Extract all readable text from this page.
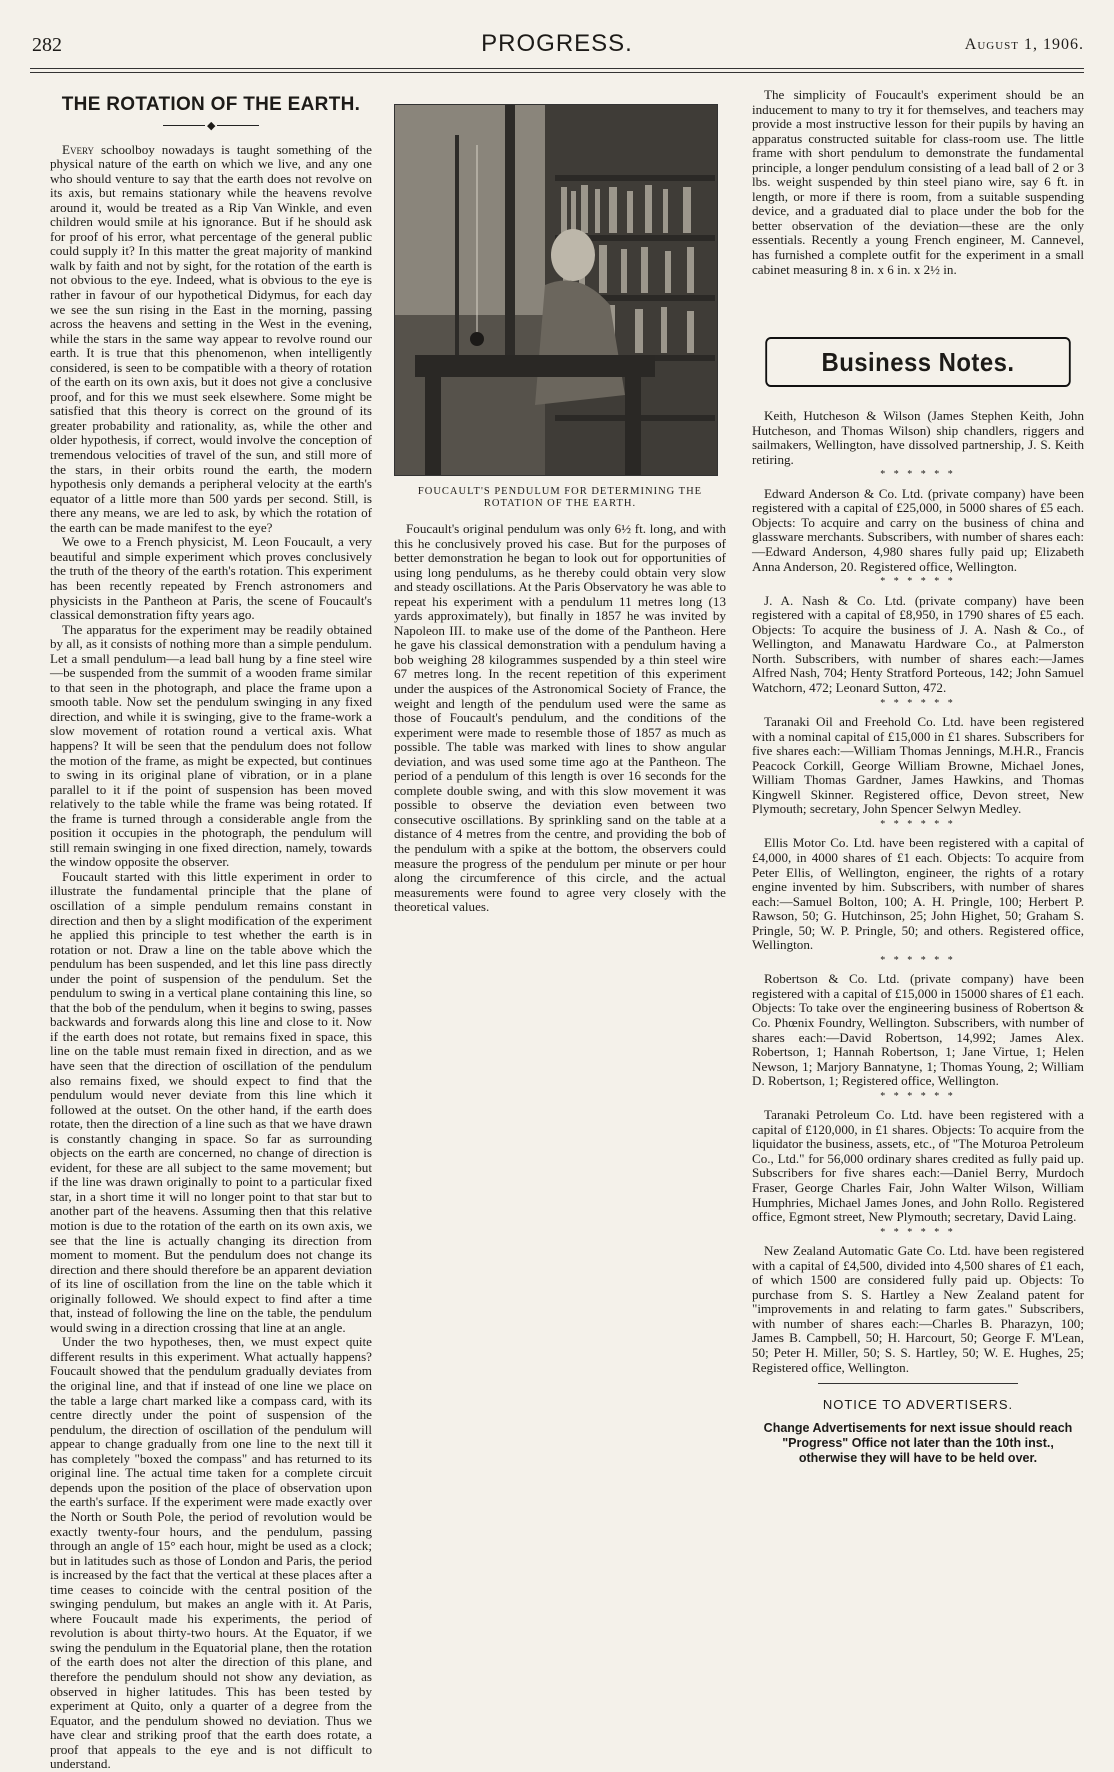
282	PROGRESS.	August 1, 1906.
THE ROTATION OF THE EARTH.
◆

Every schoolboy nowadays is taught something of the physical nature of the earth on which we live, and any one who should venture to say that the earth does not revolve on its axis, but remains stationary while the heavens revolve around it, would be treated as a Rip Van Winkle, and even children would smile at his ignorance. But if he should ask for proof of his error, what percentage of the general public could supply it? In this matter the great majority of mankind walk by faith and not by sight, for the rotation of the earth is not obvious to the eye. Indeed, what is obvious to the eye is rather in favour of our hypothetical Didymus, for each day we see the sun rising in the East in the morning, passing across the heavens and setting in the West in the evening, while the stars in the same way appear to revolve round our earth. It is true that this phenomenon, when intelligently considered, is seen to be compatible with a theory of rotation of the earth on its own axis, but it does not give a conclusive proof, and for this we must seek elsewhere. Some might be satisfied that this theory is correct on the ground of its greater probability and rationality, as, while the other and older hypothesis, if correct, would involve the conception of tremendous velocities of travel of the sun, and still more of the stars, in their orbits round the earth, the modern hypothesis only demands a peripheral velocity at the earth's equator of a little more than 500 yards per second. Still, is there any means, we are led to ask, by which the rotation of the earth can be made manifest to the eye?

We owe to a French physicist, M. Leon Foucault, a very beautiful and simple experiment which proves conclusively the truth of the theory of the earth's rotation. This experiment has been recently repeated by French astronomers and physicists in the Pantheon at Paris, the scene of Foucault's classical demonstration fifty years ago.

The apparatus for the experiment may be readily obtained by all, as it consists of nothing more than a simple pendulum. Let a small pendulum—a lead ball hung by a fine steel wire—be suspended from the summit of a wooden frame similar to that seen in the photograph, and place the frame upon a smooth table. Now set the pendulum swinging in any fixed direction, and while it is swinging, give to the frame-work a slow movement of rotation round a vertical axis. What happens? It will be seen that the pendulum does not follow the motion of the frame, as might be expected, but continues to swing in its original plane of vibration, or in a plane parallel to it if the point of suspension has been moved relatively to the table while the frame was being rotated. If the frame is turned through a considerable angle from the position it occupies in the photograph, the pendulum will still remain swinging in one fixed direction, namely, towards the window opposite the observer.

Foucault started with this little experiment in order to illustrate the fundamental principle that the plane of oscillation of a simple pendulum remains constant in direction and then by a slight modification of the experiment he applied this principle to test whether the earth is in rotation or not. Draw a line on the table above which the pendulum has been suspended, and let this line pass directly under the point of suspension of the pendulum. Set the pendulum to swing in a vertical plane containing this line, so that the bob of the pendulum, when it begins to swing, passes backwards and forwards along this line and close to it. Now if the earth does not rotate, but remains fixed in space, this line on the table must remain fixed in direction, and as we have seen that the direction of oscillation of the pendulum also remains fixed, we should expect to find that the pendulum would never deviate from this line which it followed at the outset. On the other hand, if the earth does rotate, then the direction of a line such as that we have drawn is constantly changing in space. So far as surrounding objects on the earth are concerned, no change of direction is evident, for these are all subject to the same movement; but if the line was drawn originally to point to a particular fixed star, in a short time it will no longer point to that star but to another part of the heavens. Assuming then that this relative motion is due to the rotation of the earth on its own axis, we see that the line is actually changing its direction from moment to moment. But the pendulum does not change its direction and there should therefore be an apparent deviation of its line of oscillation from the line on the table which it originally followed. We should expect to find after a time that, instead of following the line on the table, the pendulum would swing in a direction crossing that line at an angle.

Under the two hypotheses, then, we must expect quite different results in this experiment. What actually happens? Foucault showed that the pendulum gradually deviates from the original line, and that if instead of one line we place on the table a large chart marked like a compass card, with its centre directly under the point of suspension of the pendulum, the direction of oscillation of the pendulum will appear to change gradually from one line to the next till it has completely "boxed the compass" and has returned to its original line. The actual time taken for a complete circuit depends upon the position of the place of observation upon the earth's surface. If the experiment were made exactly over the North or South Pole, the period of revolution would be exactly twenty-four hours, and the pendulum, passing through an angle of 15° each hour, might be used as a clock; but in latitudes such as those of London and Paris, the period is increased by the fact that the vertical at these places after a time ceases to coincide with the central position of the swinging pendulum, but makes an angle with it. At Paris, where Foucault made his experiments, the period of revolution is about thirty-two hours. At the Equator, if we swing the pendulum in the Equatorial plane, then the rotation of the earth does not alter the direction of this plane, and therefore the pendulum should not show any deviation, as observed in higher latitudes. This has been tested by experiment at Quito, only a quarter of a degree from the Equator, and the pendulum showed no deviation. Thus we have clear and striking proof that the earth does rotate, a proof that appeals to the eye and is not difficult to understand.

FOUCAULT'S PENDULUM FOR DETERMINING THE ROTATION OF THE EARTH.

Foucault's original pendulum was only 6½ ft. long, and with this he conclusively proved his case. But for the purposes of better demonstration he began to look out for opportunities of using long pendulums, as he thereby could obtain very slow and steady oscillations. At the Paris Observatory he was able to repeat his experiment with a pendulum 11 metres long (13 yards approximately), but finally in 1857 he was invited by Napoleon III. to make use of the dome of the Pantheon. Here he gave his classical demonstration with a pendulum having a bob weighing 28 kilogrammes suspended by a thin steel wire 67 metres long. In the recent repetition of this experiment under the auspices of the Astronomical Society of France, the weight and length of the pendulum used were the same as those of Foucault's pendulum, and the conditions of the experiment were made to resemble those of 1857 as much as possible. The table was marked with lines to show angular deviation, and was used some time ago at the Pantheon. The period of a pendulum of this length is over 16 seconds for the complete double swing, and with this slow movement it was possible to observe the deviation even between two consecutive oscillations. By sprinkling sand on the table at a distance of 4 metres from the centre, and providing the bob of the pendulum with a spike at the bottom, the observers could measure the progress of the pendulum per minute or per hour along the circumference of this circle, and the actual measurements were found to agree very closely with the theoretical values.

The simplicity of Foucault's experiment should be an inducement to many to try it for themselves, and teachers may provide a most instructive lesson for their pupils by having an apparatus constructed suitable for class-room use. The little frame with short pendulum to demonstrate the fundamental principle, a longer pendulum consisting of a lead ball of 2 or 3 lbs. weight suspended by thin steel piano wire, say 6 ft. in length, or more if there is room, from a suitable suspending device, and a graduated dial to place under the bob for the better observation of the deviation—these are the only essentials. Recently a young French engineer, M. Cannevel, has furnished a complete outfit for the experiment in a small cabinet measuring 8 in. x 6 in. x 2½ in.

Business Notes.

Keith, Hutcheson & Wilson (James Stephen Keith, John Hutcheson, and Thomas Wilson) ship chandlers, riggers and sailmakers, Wellington, have dissolved partnership, J. S. Keith retiring.

* * * * * *

Edward Anderson & Co. Ltd. (private company) have been registered with a capital of £25,000, in 5000 shares of £5 each. Objects: To acquire and carry on the business of china and glassware merchants. Subscribers, with number of shares each:—Edward Anderson, 4,980 shares fully paid up; Elizabeth Anna Anderson, 20. Registered office, Wellington.

* * * * * *

J. A. Nash & Co. Ltd. (private company) have been registered with a capital of £8,950, in 1790 shares of £5 each. Objects: To acquire the business of J. A. Nash & Co., of Wellington, and Manawatu Hardware Co., at Palmerston North. Subscribers, with number of shares each:—James Alfred Nash, 704; Henty Stratford Porteous, 142; John Samuel Watchorn, 472; Leonard Sutton, 472.

* * * * * *

Taranaki Oil and Freehold Co. Ltd. have been registered with a nominal capital of £15,000 in £1 shares. Subscribers for five shares each:—William Thomas Jennings, M.H.R., Francis Peacock Corkill, George William Browne, Michael Jones, William Thomas Gardner, James Hawkins, and Thomas Kingwell Skinner. Registered office, Devon street, New Plymouth; secretary, John Spencer Selwyn Medley.

* * * * * *

Ellis Motor Co. Ltd. have been registered with a capital of £4,000, in 4000 shares of £1 each. Objects: To acquire from Peter Ellis, of Wellington, engineer, the rights of a rotary engine invented by him. Subscribers, with number of shares each:—Samuel Bolton, 100; A. H. Pringle, 100; Herbert P. Rawson, 50; G. Hutchinson, 25; John Highet, 50; Graham S. Pringle, 50; W. P. Pringle, 50; and others. Registered office, Wellington.

* * * * * *

Robertson & Co. Ltd. (private company) have been registered with a capital of £15,000 in 15000 shares of £1 each. Objects: To take over the engineering business of Robertson & Co. Phœnix Foundry, Wellington. Subscribers, with number of shares each:—David Robertson, 14,992; James Alex. Robertson, 1; Hannah Robertson, 1; Jane Virtue, 1; Helen Newson, 1; Marjory Bannatyne, 1; Thomas Young, 2; William D. Robertson, 1; Registered office, Wellington.

* * * * * *

Taranaki Petroleum Co. Ltd. have been registered with a capital of £120,000, in £1 shares. Objects: To acquire from the liquidator the business, assets, etc., of "The Moturoa Petroleum Co., Ltd." for 56,000 ordinary shares credited as fully paid up. Subscribers for five shares each:—Daniel Berry, Murdoch Fraser, George Charles Fair, John Walter Wilson, William Humphries, Michael James Jones, and John Rollo. Registered office, Egmont street, New Plymouth; secretary, David Laing.

* * * * * *

New Zealand Automatic Gate Co. Ltd. have been registered with a capital of £4,500, divided into 4,500 shares of £1 each, of which 1500 are considered fully paid up. Objects: To purchase from S. S. Hartley a New Zealand patent for "improvements in and relating to farm gates." Subscribers, with number of shares each:—Charles B. Pharazyn, 100; James B. Campbell, 50; H. Harcourt, 50; George F. M'Lean, 50; Peter H. Miller, 50; S. S. Hartley, 50; W. E. Hughes, 25; Registered office, Wellington.

NOTICE TO ADVERTISERS.
Change Advertisements for next issue should reach "Progress" Office not later than the 10th inst., otherwise they will have to be held over.
